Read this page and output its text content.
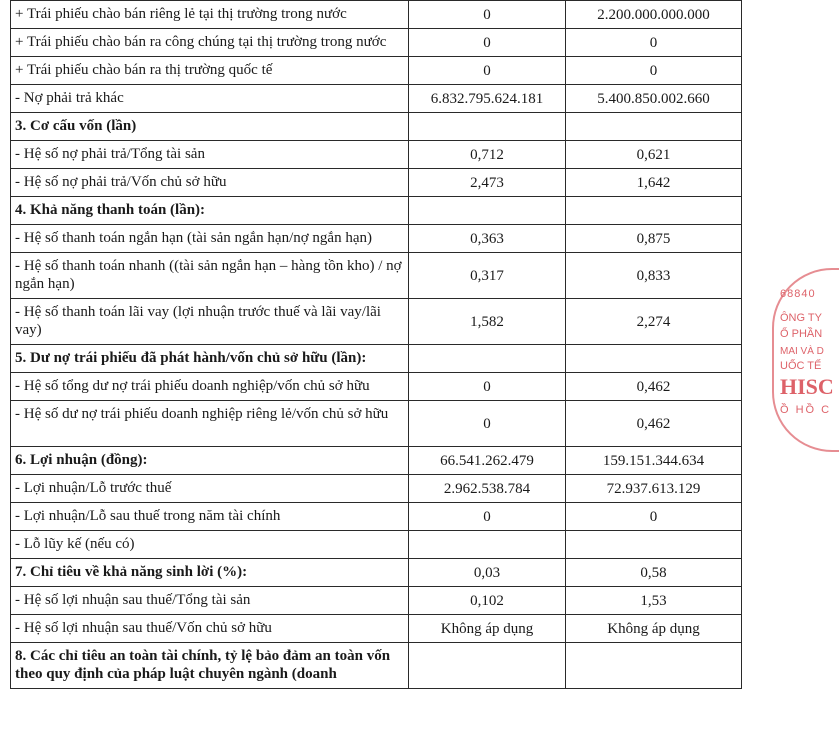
+ Trái phiếu chào bán riêng lẻ tại thị trường trong nước	0	2.200.000.000.000
+ Trái phiếu chào bán ra công chúng tại thị trường trong nước	0	0
+ Trái phiếu chào bán ra thị trường quốc tế	0	0
- Nợ phải trả khác	6.832.795.624.181	5.400.850.002.660
3. Cơ cấu vốn (lần)		
- Hệ số nợ phải trả/Tổng tài sản	0,712	0,621
- Hệ số nợ phải trả/Vốn chủ sở hữu	2,473	1,642
4. Khả năng thanh toán (lần):		
- Hệ số thanh toán ngắn hạn (tài sản ngắn hạn/nợ ngắn hạn)	0,363	0,875
- Hệ số thanh toán nhanh ((tài sản ngắn hạn – hàng tồn kho) / nợ ngắn hạn)	0,317	0,833
- Hệ số thanh toán lãi vay (lợi nhuận trước thuế và lãi vay/lãi vay)	1,582	2,274
5. Dư nợ trái phiếu đã phát hành/vốn chủ sở hữu (lần):		
- Hệ số tổng dư nợ trái phiếu doanh nghiệp/vốn chủ sở hữu	0	0,462
- Hệ số dư nợ trái phiếu doanh nghiệp riêng lẻ/vốn chủ sở hữu	0	0,462
6. Lợi nhuận (đồng):	66.541.262.479	159.151.344.634
- Lợi nhuận/Lỗ trước thuế	2.962.538.784	72.937.613.129
- Lợi nhuận/Lỗ sau thuế trong năm tài chính	0	0
- Lỗ lũy kế (nếu có)		
7. Chỉ tiêu về khả năng sinh lời (%):	0,03	0,58
- Hệ số lợi nhuận sau thuế/Tổng tài sản	0,102	1,53
- Hệ số lợi nhuận sau thuế/Vốn chủ sở hữu	Không áp dụng	Không áp dụng
8. Các chỉ tiêu an toàn tài chính, tỷ lệ bảo đảm an toàn vốn theo quy định của pháp luật chuyên ngành (doanh		
68840
ÔNG TY
Ổ PHẦN
MAI VÀ D
UỐC TẾ
HISC
Ồ HỒ C
